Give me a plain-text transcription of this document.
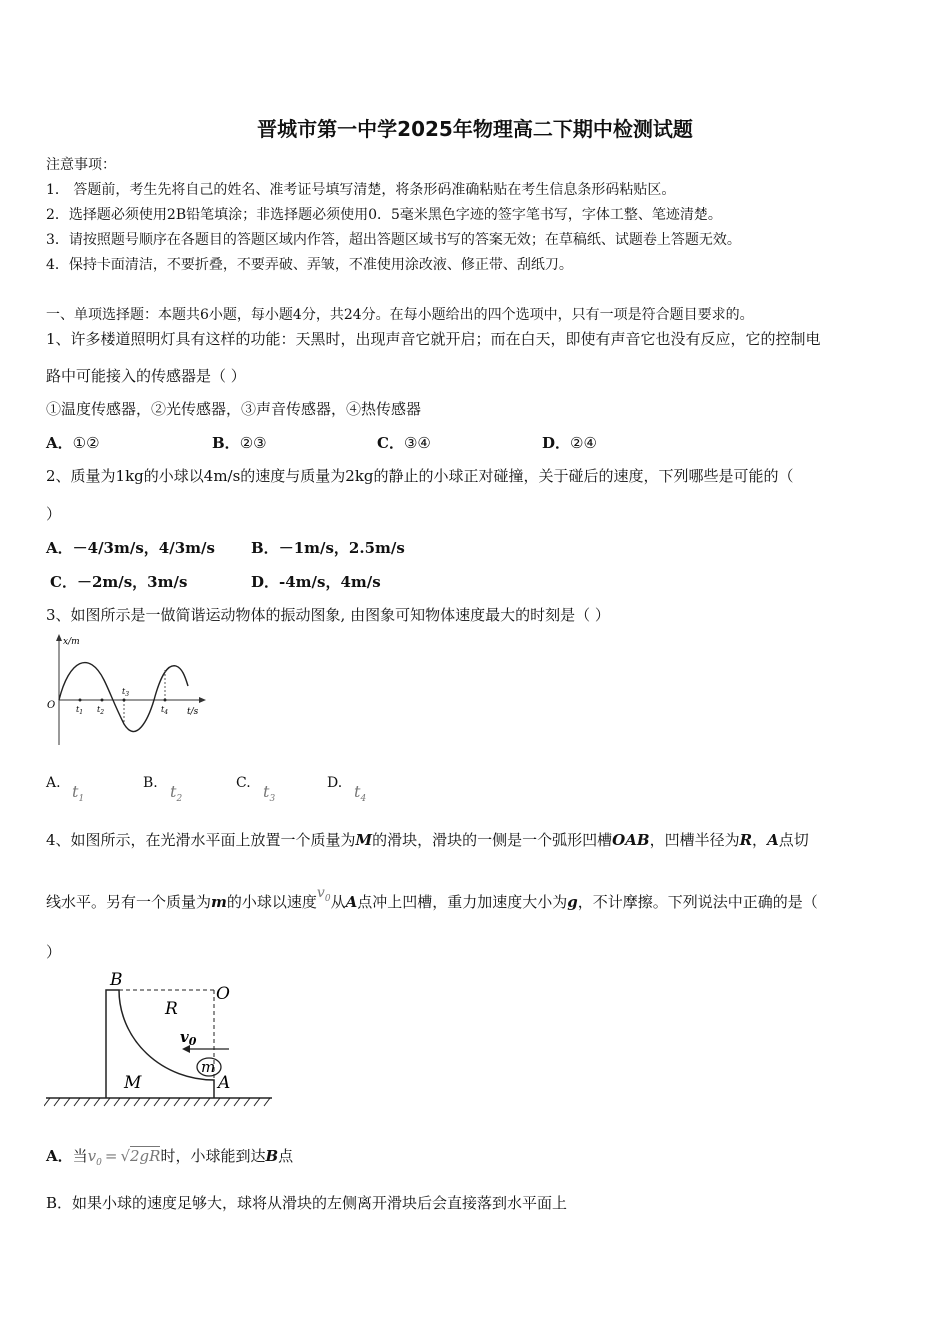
晋城市第一中学2025年物理高二下期中检测试题
注意事项：
1． 答题前，考生先将自己的姓名、准考证号填写清楚，将条形码准确粘贴在考生信息条形码粘贴区。
2．选择题必须使用2B铅笔填涂；非选择题必须使用0．5毫米黑色字迹的签字笔书写，字体工整、笔迹清楚。
3．请按照题号顺序在各题目的答题区域内作答，超出答题区域书写的答案无效；在草稿纸、试题卷上答题无效。
4．保持卡面清洁，不要折叠，不要弄破、弄皱，不准使用涂改液、修正带、刮纸刀。
一、单项选择题：本题共6小题，每小题4分，共24分。在每小题给出的四个选项中，只有一项是符合题目要求的。
1、许多楼道照明灯具有这样的功能：天黑时，出现声音它就开启；而在白天，即使有声音它也没有反应，它的控制电
路中可能接入的传感器是（ ）
①温度传感器，②光传感器，③声音传感器，④热传感器
A．①②	B．②③	C．③④	D．②④
2、质量为1kg的小球以4m/s的速度与质量为2kg的静止的小球正对碰撞，关于碰后的速度，下列哪些是可能的（
）
A．－4/3m/s，4/3m/s B．－1m/s，2.5m/s
C．－2m/s，3m/s	D．-4m/s，4m/s
3、如图所示是一做简谐运动物体的振动图象, 由图象可知物体速度最大的时刻是（ ）
x/m
t/s
O	$t_1$ $t_2$
$t_3$
$t_4$
A. $t_1$
B. $t_2$
C. $t_3$
D. $t_4$
4、如图所示，在光滑水平面上放置一个质量为M的滑块，滑块的一侧是一个弧形凹槽OAB，凹槽半径为R，A点切
线水平。另有一个质量为m的小球以速度$v_0$从A点冲上凹槽，重力加速度大小为g，不计摩擦。下列说法中正确的是（
）
B
O
R
$v_0$
m
A
M
A．当$v_0 = √2gR$时，小球能到达B点
B．如果小球的速度足够大，球将从滑块的左侧离开滑块后会直接落到水平面上
